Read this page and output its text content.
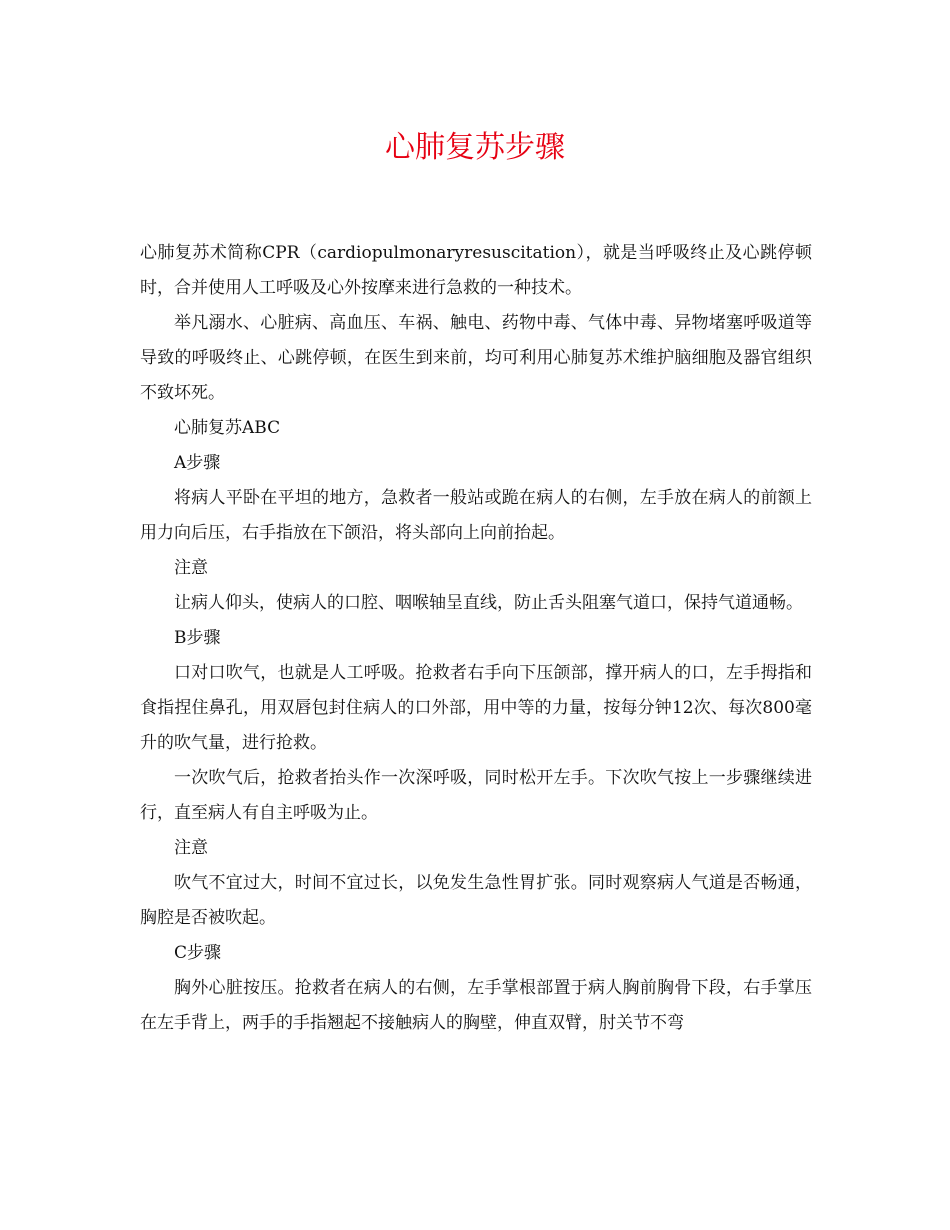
心肺复苏步骤

心肺复苏术简称CPR（cardiopulmonaryresuscitation），就是当呼吸终止及心跳停顿时，合并使用人工呼吸及心外按摩来进行急救的一种技术。

举凡溺水、心脏病、高血压、车祸、触电、药物中毒、气体中毒、异物堵塞呼吸道等导致的呼吸终止、心跳停顿，在医生到来前，均可利用心肺复苏术维护脑细胞及器官组织不致坏死。

心肺复苏ABC

A步骤

将病人平卧在平坦的地方，急救者一般站或跪在病人的右侧，左手放在病人的前额上用力向后压，右手指放在下颌沿，将头部向上向前抬起。

注意

让病人仰头，使病人的口腔、咽喉轴呈直线，防止舌头阻塞气道口，保持气道通畅。

B步骤

口对口吹气，也就是人工呼吸。抢救者右手向下压颌部，撑开病人的口，左手拇指和食指捏住鼻孔，用双唇包封住病人的口外部，用中等的力量，按每分钟12次、每次800毫升的吹气量，进行抢救。

一次吹气后，抢救者抬头作一次深呼吸，同时松开左手。下次吹气按上一步骤继续进行，直至病人有自主呼吸为止。

注意

吹气不宜过大，时间不宜过长，以免发生急性胃扩张。同时观察病人气道是否畅通，胸腔是否被吹起。

C步骤

胸外心脏按压。抢救者在病人的右侧，左手掌根部置于病人胸前胸骨下段，右手掌压在左手背上，两手的手指翘起不接触病人的胸壁，伸直双臂，肘关节不弯
